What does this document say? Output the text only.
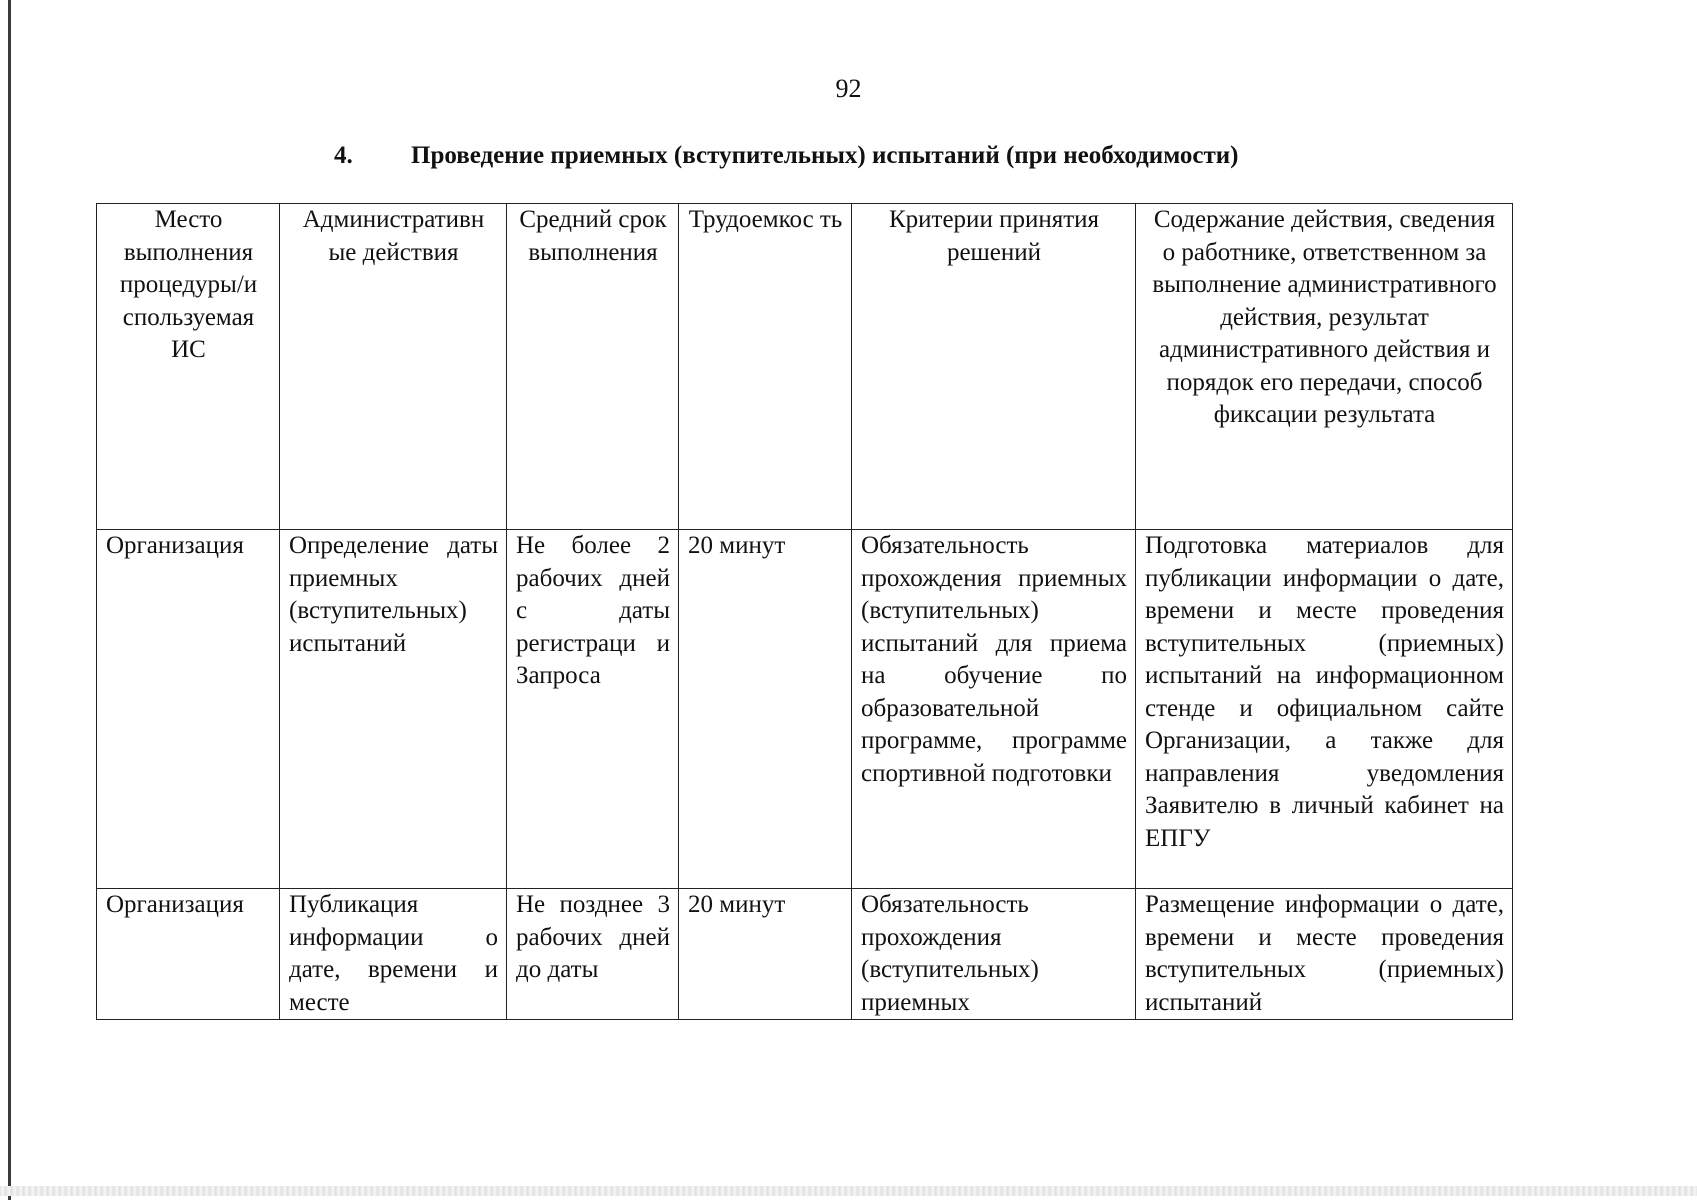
92
4. Проведение приемных (вступительных) испытаний (при необходимости)
Место выполнения процедуры/и спользуемая ИС	Административн ые действия	Средний срок выполнения	Трудоемкос ть	Критерии принятия решений	Содержание действия, сведения о работнике, ответственном за выполнение административного действия, результат административного действия и порядок его передачи, способ фиксации результата
Организация	Определение даты приемных (вступительных) испытаний	Не более 2 рабочих дней с даты регистраци и Запроса	20 минут	Обязательность прохождения приемных (вступительных) испытаний для приема на обучение по образовательной программе, программе спортивной подготовки	Подготовка материалов для публикации информации о дате, времени и месте проведения вступительных (приемных) испытаний на информационном стенде и официальном сайте Организации, а также для направления уведомления Заявителю в личный кабинет на ЕПГУ
Организация	Публикация информации о дате, времени и месте	Не позднее 3 рабочих дней до даты	20 минут	Обязательность прохождения (вступительных) приемных	Размещение информации о дате, времени и месте проведения вступительных (приемных) испытаний
